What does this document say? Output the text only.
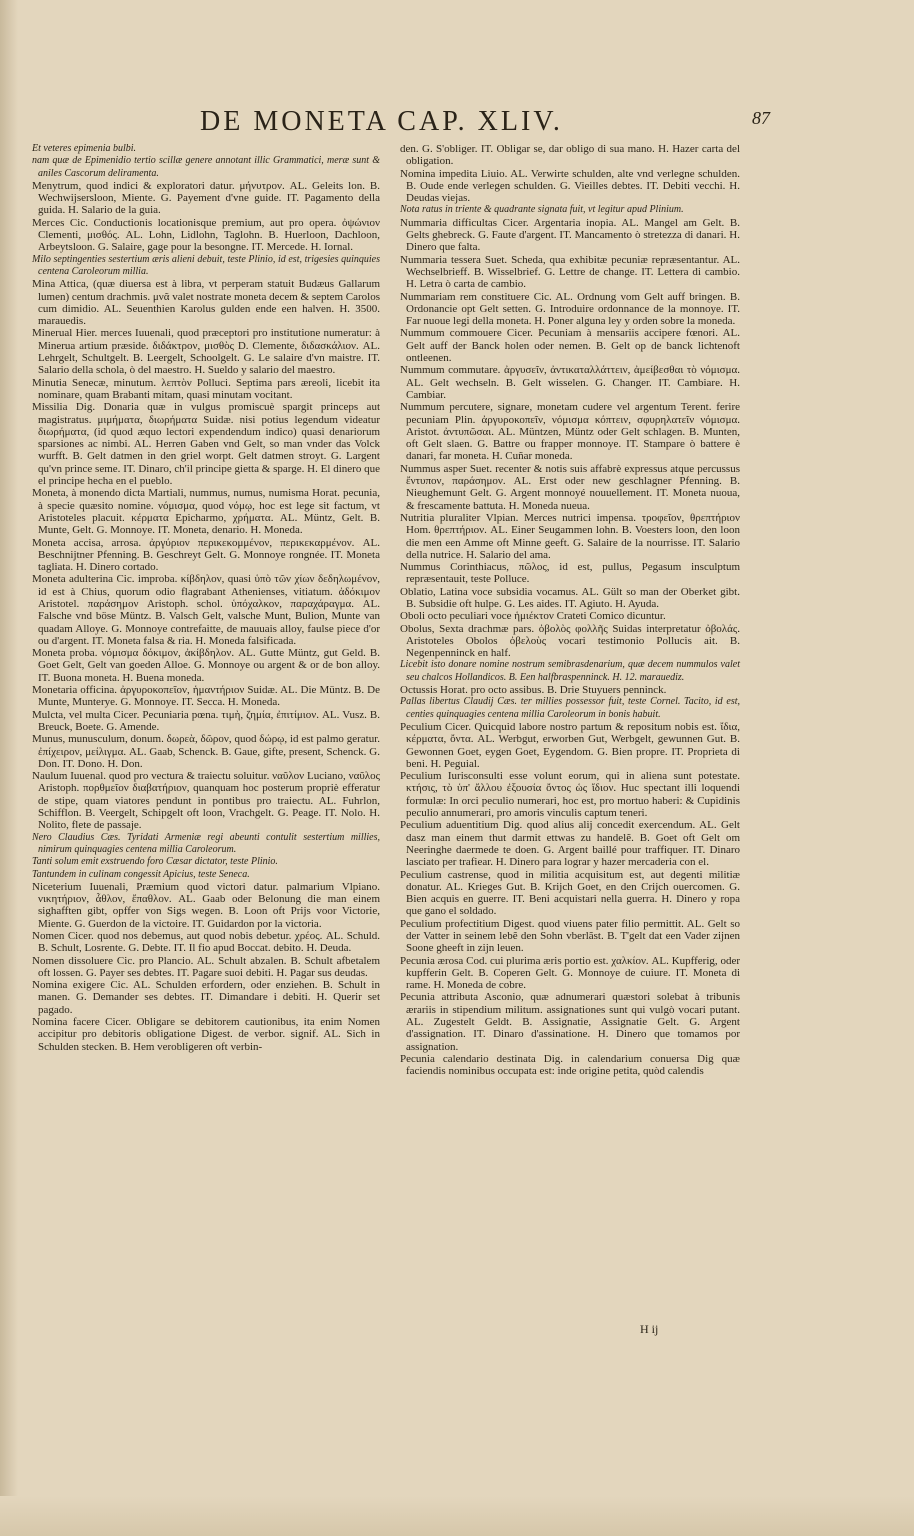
DE MONETA CAP. XLIV.	87
Et veteres epimenia bulbi.
nam quæ de Epimenidio tertio scillæ genere annotant illic Grammatici, meræ sunt & aniles Cascorum deliramenta.
Menytrum, quod indici & exploratori datur. μήνυτρον. AL. Geleits lon. B. Wechwijsersloon, Miente. G. Payement d'vne guide. IT. Pagamento della guida. H. Salario de la guia.
Merces Cic. Conductionis locationisque premium, aut pro opera. ὀψώνιον Clementi, μισθός. AL. Lohn, Lidlohn, Taglohn. B. Huerloon, Dachloon, Arbeytsloon. G. Salaire, gage pour la besongne. IT. Mercede. H. Iornal.
Milo septingenties sestertium æris alieni debuit, teste Plinio, id est, trigesies quinquies centena Caroleorum millia.
Mina Attica, (quæ diuersa est à libra, vt perperam statuit Budæus Gallarum lumen) centum drachmis. μνᾶ valet nostrate moneta decem & septem Carolos cum dimidio. AL. Seuenthien Karolus gulden ende een halven. H. 3500. marauedis.
Minerual Hier. merces Iuuenali, quod præceptori pro institutione numeratur: à Minerua artium præside. διδάκτρον, μισθὸς D. Clemente, διδασκάλιον. AL. Lehrgelt, Schultgelt. B. Leergelt, Schoolgelt. G. Le salaire d'vn maistre. IT. Salario della schola, ò del maestro. H. Sueldo y salario del maestro.
Minutia Senecæ, minutum. λεπτὸν Polluci. Septima pars æreoli, licebit ita nominare, quam Brabanti mitam, quasi minutam vocitant.
Missilia Dig. Donaria quæ in vulgus promiscuè spargit princeps aut magistratus. μιμήματα, διωρήματα Suidæ. nisi potius legendum videatur διωρήματα, (id quod æquo lectori expendendum indico) quasi denariorum sparsiones ac nimbi. AL. Herren Gaben vnd Gelt, so man vnder das Volck wurfft. B. Gelt datmen in den griel worpt. Gelt datmen stroyt. G. Largent qu'vn prince seme. IT. Dinaro, ch'il principe gietta & sparge. H. El dinero que el principe hecha en el pueblo.
Moneta, à monendo dicta Martiali, nummus, numus, numisma Horat. pecunia, à specie quæsito nomine. νόμισμα, quod νόμῳ, hoc est lege sit factum, vt Aristoteles placuit. κέρματα Epicharmo, χρήματα. AL. Müntz, Gelt. B. Munte, Gelt. G. Monnoye. IT. Moneta, denario. H. Moneda.
Moneta accisa, arrosa. ἀργύριον περικεκομμένον, περικεκαρμένον. AL. Beschnijtner Pfenning. B. Geschreyt Gelt. G. Monnoye rongnée. IT. Moneta tagliata. H. Dinero cortado.
Moneta adulterina Cic. improba. κίβδηλον, quasi ὑπὸ τῶν χίων δεδηλωμένον, id est à Chius, quorum odio flagrabant Athenienses, vitiatum. ἀδόκιμον Aristotel. παράσημον Aristoph. schol. ὑπόχαλκον, παραχάραγμα. AL. Falsche vnd böse Müntz. B. Valsch Gelt, valsche Munt, Bulion, Munte van quadam Alloye. G. Monnoye contrefaitte, de mauuais alloy, faulse piece d'or ou d'argent. IT. Moneta falsa & ria. H. Moneda falsificada.
Moneta proba. νόμισμα δόκιμον, ἀκίβδηλον. AL. Gutte Müntz, gut Geld. B. Goet Gelt, Gelt van goeden Alloe. G. Monnoye ou argent & or de bon alloy. IT. Buona moneta. H. Buena moneda.
Monetaria officina. ἀργυροκοπεῖον, ἡμαντήριον Suidæ. AL. Die Müntz. B. De Munte, Munterye. G. Monnoye. IT. Secca. H. Moneda.
Mulcta, vel multa Cicer. Pecuniaria pœna. τιμὴ, ζημία, ἐπιτίμιον. AL. Vusz. B. Breuck, Boete. G. Amende.
Munus, munusculum, donum. δωρεὰ, δῶρον, quod δώρῳ, id est palmo geratur. ἐπίχειρον, μείλιγμα. AL. Gaab, Schenck. B. Gaue, gifte, present, Schenck. G. Don. IT. Dono. H. Don.
Naulum Iuuenal. quod pro vectura & traiectu soluitur. ναῦλον Luciano, ναῦλος Aristoph. πορθμεῖον διαβατήριον, quanquam hoc posterum propriè efferatur de stipe, quam viatores pendunt in pontibus pro traiectu. AL. Fuhrlon, Schifflon. B. Veergelt, Schipgelt oft loon, Vrachgelt. G. Peage. IT. Nolo. H. Nolito, flete de passaje.
Nero Claudius Cæs. Tyridati Armeniæ regi abeunti contulit sestertium millies, nimirum quinquagies centena millia Caroleorum.
Tanti solum emit exstruendo foro Cæsar dictator, teste Plinio.
Tantundem in culinam congessit Apicius, teste Seneca.
Niceterium Iuuenali, Præmium quod victori datur. palmarium Vlpiano. νικητήριον, ἆθλον, ἔπαθλον. AL. Gaab oder Belonung die man einem sighafften gibt, opffer von Sigs wegen. B. Loon oft Prijs voor Victorie, Miente. G. Guerdon de la victoire. IT. Guidardon por la victoria.
Nomen Cicer. quod nos debemus, aut quod nobis debetur. χρέος. AL. Schuld. B. Schult, Losrente. G. Debte. IT. Il fio apud Boccat. debito. H. Deuda.
Nomen dissoluere Cic. pro Plancio. AL. Schult abzalen. B. Schult afbetalem oft lossen. G. Payer ses debtes. IT. Pagare suoi debiti. H. Pagar sus deudas.
Nomina exigere Cic. AL. Schulden erfordern, oder enziehen. B. Schult in manen. G. Demander ses debtes. IT. Dimandare i debiti. H. Querir set pagado.
Nomina facere Cicer. Obligare se debitorem cautionibus, ita enim Nomen accipitur pro debitoris obligatione Digest. de verbor. signif. AL. Sich in Schulden stecken. B. Hem verobligeren oft verbin-
den. G. S'obliger. IT. Obligar se, dar obligo di sua mano. H. Hazer carta del obligation.
Nomina impedita Liuio. AL. Verwirte schulden, alte vnd verlegne schulden. B. Oude ende verlegen schulden. G. Vieilles debtes. IT. Debiti vecchi. H. Deudas viejas.
Nota ratus in triente & quadrante signata fuit, vt legitur apud Plinium.
Nummaria difficultas Cicer. Argentaria inopia. AL. Mangel am Gelt. B. Gelts ghebreck. G. Faute d'argent. IT. Mancamento ò stretezza di danari. H. Dinero que falta.
Nummaria tessera Suet. Scheda, qua exhibitæ pecuniæ repræsentantur. AL. Wechselbrieff. B. Wisselbrief. G. Lettre de change. IT. Lettera di cambio. H. Letra ò carta de cambio.
Nummariam rem constituere Cic. AL. Ordnung vom Gelt auff bringen. B. Ordonancie opt Gelt setten. G. Introduire ordonnance de la monnoye. IT. Far nuoue legi della moneta. H. Poner alguna ley y orden sobre la moneda.
Nummum commouere Cicer. Pecuniam à mensariis accipere fœnori. AL. Gelt auff der Banck holen oder nemen. B. Gelt op de banck lichtenoft ontleenen.
Nummum commutare. ἀργυσεῖν, ἀντικαταλλάττειν, ἀμείβεσθαι τὸ νόμισμα. AL. Gelt wechseln. B. Gelt wisselen. G. Changer. IT. Cambiare. H. Cambiar.
Nummum percutere, signare, monetam cudere vel argentum Terent. ferire pecuniam Plin. ἀργυροκοπεῖν, νόμισμα κόπτειν, σφυρηλατεῖν νόμισμα. Aristot. ἀντυπῶσαι. AL. Müntzen, Müntz oder Gelt schlagen. B. Munten, oft Gelt slaen. G. Battre ou frapper monnoye. IT. Stampare ò battere è danari, far moneta. H. Cuñar moneda.
Nummus asper Suet. recenter & notis suis affabrè expressus atque percussus ἔντυπον, παράσημον. AL. Erst oder new geschlagner Pfenning. B. Nieughemunt Gelt. G. Argent monnoyé nouuellement. IT. Moneta nuoua, & frescamente battuta. H. Moneda nueua.
Nutritia pluraliter Vlpian. Merces nutrici impensa. τροφεῖον, θρεπτήριον Hom. θρεπτήριον. AL. Einer Seugammen lohn. B. Voesters loon, den loon die men een Amme oft Minne geeft. G. Salaire de la nourrisse. IT. Salario della nutrice. H. Salario del ama.
Nummus Corinthiacus, πῶλος, id est, pullus, Pegasum insculptum repræsentauit, teste Polluce.
Oblatio, Latina voce subsidia vocamus. AL. Gült so man der Oberket gibt. B. Subsidie oft hulpe. G. Les aides. IT. Agiuto. H. Ayuda.
Oboli octo peculiari voce ἡμιέκτον Crateti Comico dicuntur.
Obolus, Sexta drachmæ pars. ὀβολὸς φολλῆς Suidas interpretatur ὀβολάς. Aristoteles Obolos ὀβελοὺς vocari testimonio Pollucis ait. B. Negenpenninck en half.
Licebit isto donare nomine nostrum semibrasdenarium, quæ decem nummulos valet seu chalcos Hollandicos. B. Een halfbraspenninck. H. 12. marauediz.
Octussis Horat. pro octo assibus. B. Drie Stuyuers penninck.
Pallas libertus Claudij Cæs. ter millies possessor fuit, teste Cornel. Tacito, id est, centies quinquagies centena millia Caroleorum in bonis habuit.
Peculium Cicer. Quicquid labore nostro partum & repositum nobis est. ἴδια, κέρματα, ὄντα. AL. Werbgut, erworben Gut, Werbgelt, gewunnen Gut. B. Gewonnen Goet, eygen Goet, Eygendom. G. Bien propre. IT. Proprieta di beni. H. Peguial.
Peculium Iurisconsulti esse volunt eorum, qui in aliena sunt potestate. κτήσις, τὸ ὑπ' ἄλλου ἐξουσία ὄντος ὡς ἴδιον. Huc spectant illi loquendi formulæ: In orci peculio numerari, hoc est, pro mortuo haberi: & Cupidinis peculio annumerari, pro amoris vinculis captum teneri.
Peculium aduentitium Dig. quod alius alij concedit exercendum. AL. Gelt dasz man einem thut darmit ettwas zu handelẽ. B. Goet oft Gelt om Neeringhe daermede te doen. G. Argent baillé pour traffiquer. IT. Dinaro lasciato per trafiear. H. Dinero para lograr y hazer mercaderia con el.
Peculium castrense, quod in militia acquisitum est, aut degenti militiæ donatur. AL. Krieges Gut. B. Krijch Goet, en den Crijch ouercomen. G. Bien acquis en guerre. IT. Beni acquistari nella guerra. H. Dinero y ropa que gano el soldado.
Peculium profectitium Digest. quod viuens pater filio permittit. AL. Gelt so der Vatter in seinem lebẽ den Sohn vberlãst. B. T'gelt dat een Vader zijnen Soone gheeft in zijn leuen.
Pecunia ærosa Cod. cui plurima æris portio est. χαλκίον. AL. Kupfferig, oder kupfferin Gelt. B. Coperen Gelt. G. Monnoye de cuiure. IT. Moneta di rame. H. Moneda de cobre.
Pecunia attributa Asconio, quæ adnumerari quæstori solebat à tribunis ærariis in stipendium militum. assignationes sunt qui vulgò vocari putant. AL. Zugestelt Geldt. B. Assignatie, Assignatie Gelt. G. Argent d'assignation. IT. Dinaro d'assinatione. H. Dinero que tomamos por assignation.
Pecunia calendario destinata Dig. in calendarium conuersa Dig quæ faciendis nominibus occupata est: inde origine petita, quòd calendis
H ij
